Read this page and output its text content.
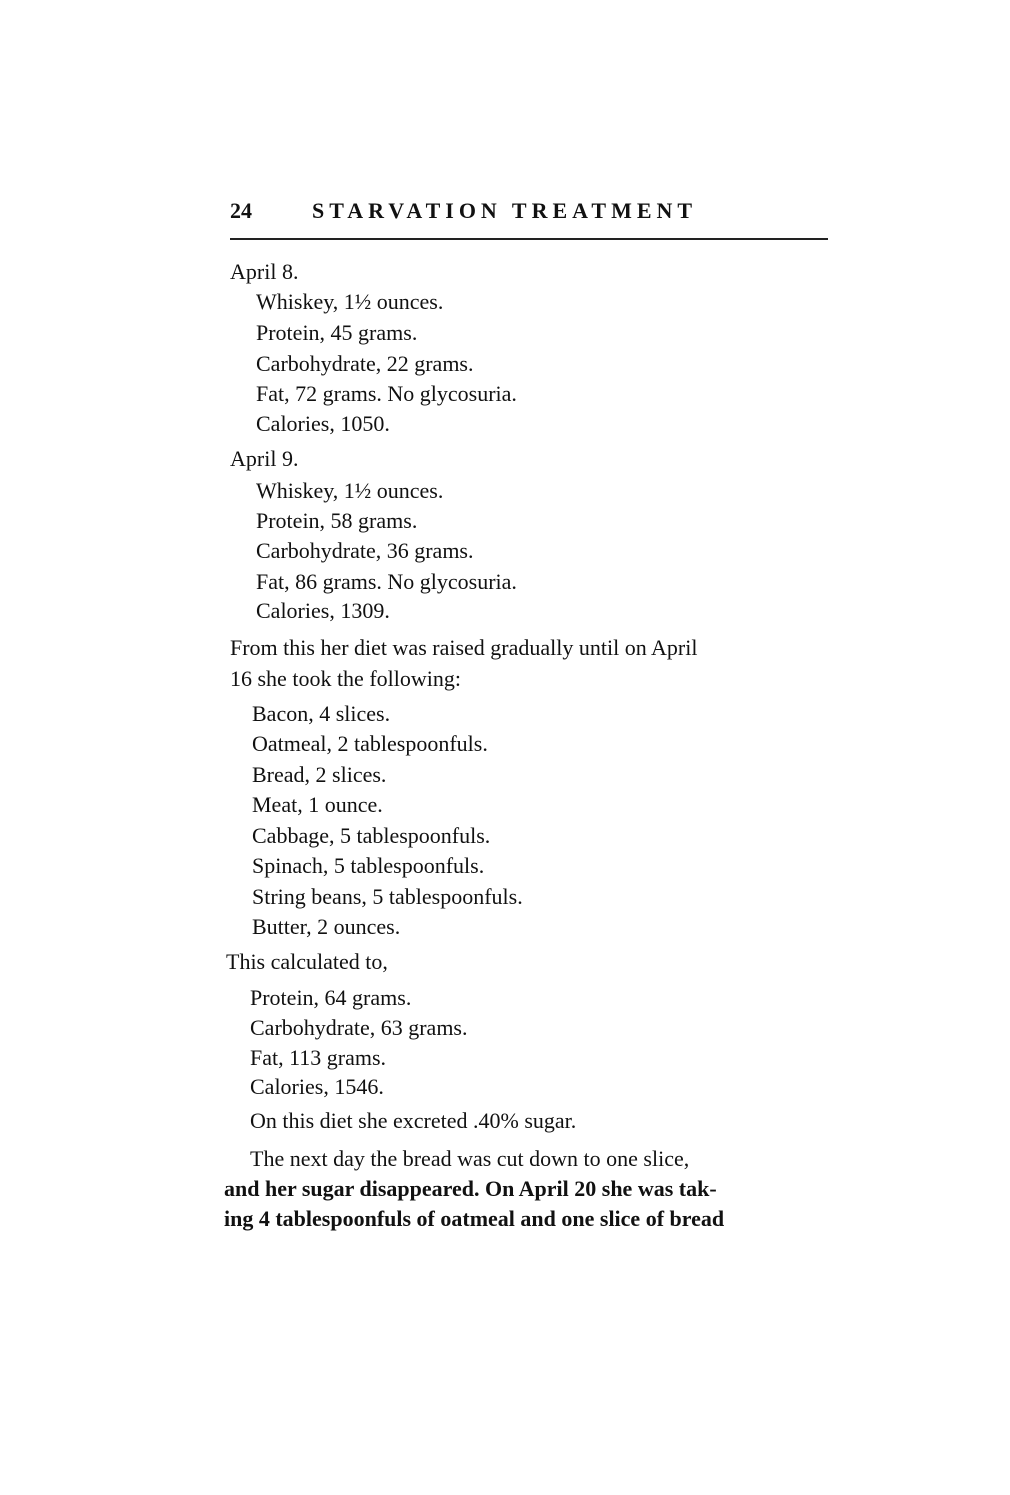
24	STARVATION TREATMENT
April 8.
Whiskey, 1½ ounces.
Protein, 45 grams.
Carbohydrate, 22 grams.
Fat, 72 grams. No glycosuria.
Calories, 1050.
April 9.
Whiskey, 1½ ounces.
Protein, 58 grams.
Carbohydrate, 36 grams.
Fat, 86 grams. No glycosuria.
Calories, 1309.
From this her diet was raised gradually until on April
16 she took the following:
Bacon, 4 slices.
Oatmeal, 2 tablespoonfuls.
Bread, 2 slices.
Meat, 1 ounce.
Cabbage, 5 tablespoonfuls.
Spinach, 5 tablespoonfuls.
String beans, 5 tablespoonfuls.
Butter, 2 ounces.
This calculated to,
Protein, 64 grams.
Carbohydrate, 63 grams.
Fat, 113 grams.
Calories, 1546.
On this diet she excreted .40% sugar.
The next day the bread was cut down to one slice,
and her sugar disappeared. On April 20 she was tak-
ing 4 tablespoonfuls of oatmeal and one slice of bread
